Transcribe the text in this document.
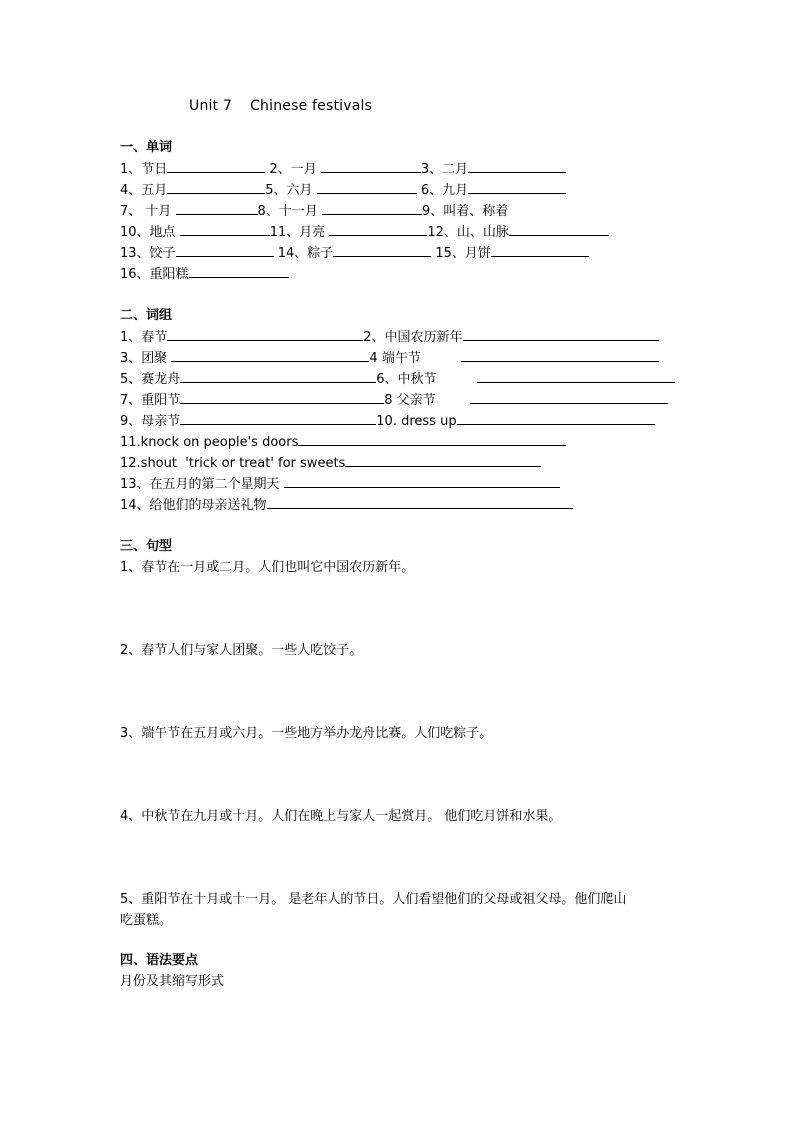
Unit 7 Chinese festivals
一、单词
1、节日	2、一月	3、二月
4、五月	5、六月	6、九月
7、 十月	8、十一月	9、叫着、称着
10、地点	11、月亮	12、山、山脉
13、饺子	14、粽子	15、月饼
16、重阳糕
二、词组
1、春节	2、中国农历新年
3、团聚	4 端午节
5、赛龙舟	6、中秋节
7、重阳节	8 父亲节
9、母亲节	10. dress up
11.knock on people's doors
12.shout  'trick or treat' for sweets
13、在五月的第二个星期天
14、给他们的母亲送礼物
三、句型
1、春节在一月或二月。人们也叫它中国农历新年。
2、春节人们与家人团聚。一些人吃饺子。
3、端午节在五月或六月。一些地方举办龙舟比赛。人们吃粽子。
4、中秋节在九月或十月。人们在晚上与家人一起赏月。 他们吃月饼和水果。
5、重阳节在十月或十一月。 是老年人的节日。人们看望他们的父母或祖父母。他们爬山
吃蛋糕。
四、语法要点
月份及其缩写形式
